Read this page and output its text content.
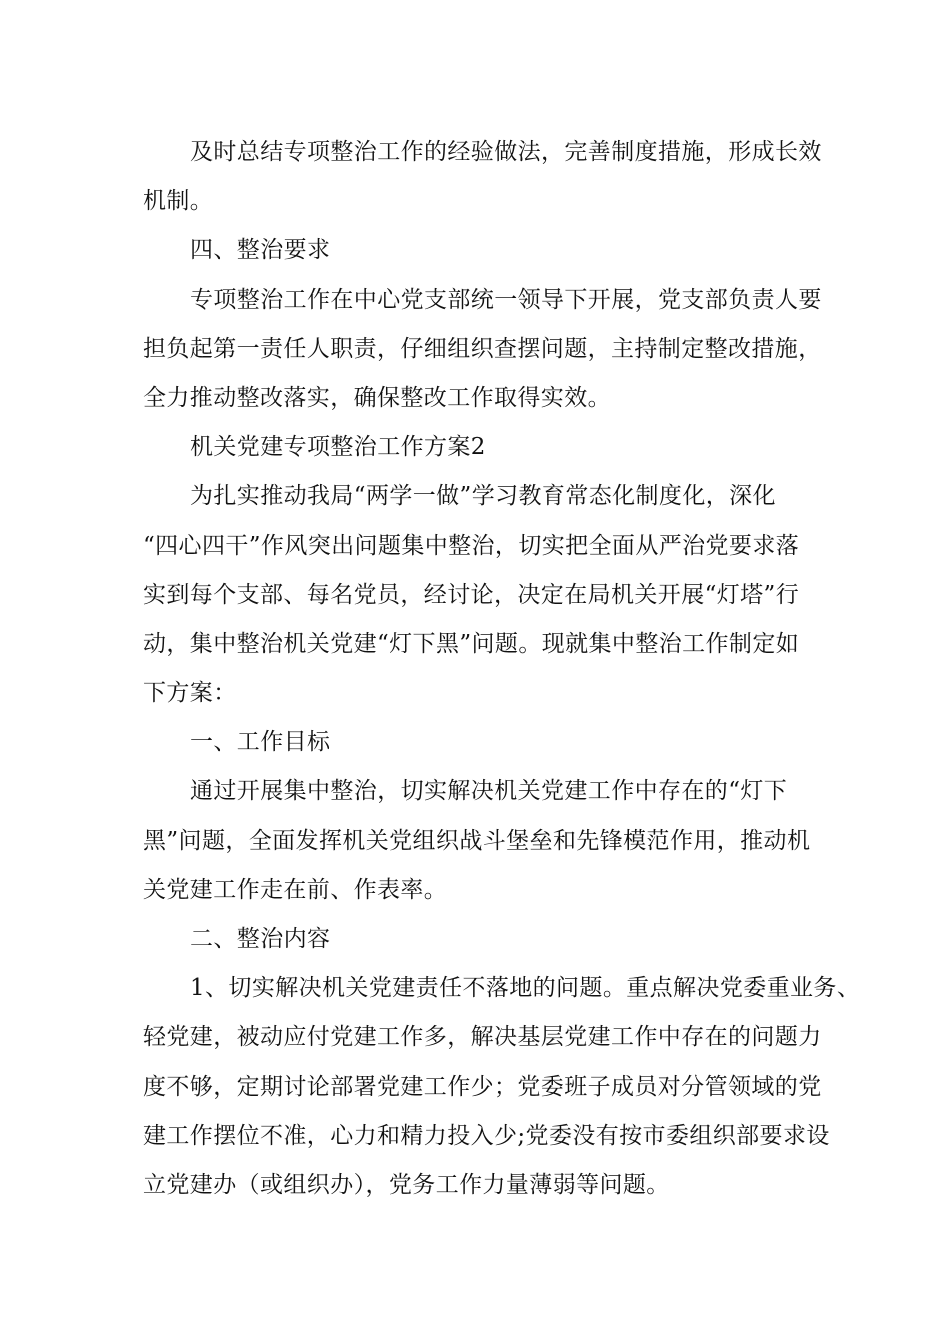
及时总结专项整治工作的经验做法，完善制度措施，形成长效
机制。
四、整治要求
专项整治工作在中心党支部统一领导下开展，党支部负责人要
担负起第一责任人职责，仔细组织查摆问题，主持制定整改措施，
全力推动整改落实，确保整改工作取得实效。
机关党建专项整治工作方案2
为扎实推动我局“两学一做”学习教育常态化制度化，深化
“四心四干”作风突出问题集中整治，切实把全面从严治党要求落
实到每个支部、每名党员，经讨论，决定在局机关开展“灯塔”行
动，集中整治机关党建“灯下黑”问题。现就集中整治工作制定如
下方案：
一、工作目标
通过开展集中整治，切实解决机关党建工作中存在的“灯下
黑”问题，全面发挥机关党组织战斗堡垒和先锋模范作用，推动机
关党建工作走在前、作表率。
二、整治内容
1、切实解决机关党建责任不落地的问题。重点解决党委重业务、
轻党建，被动应付党建工作多，解决基层党建工作中存在的问题力
度不够，定期讨论部署党建工作少；党委班子成员对分管领域的党
建工作摆位不准，心力和精力投入少;党委没有按市委组织部要求设
立党建办（或组织办），党务工作力量薄弱等问题。
